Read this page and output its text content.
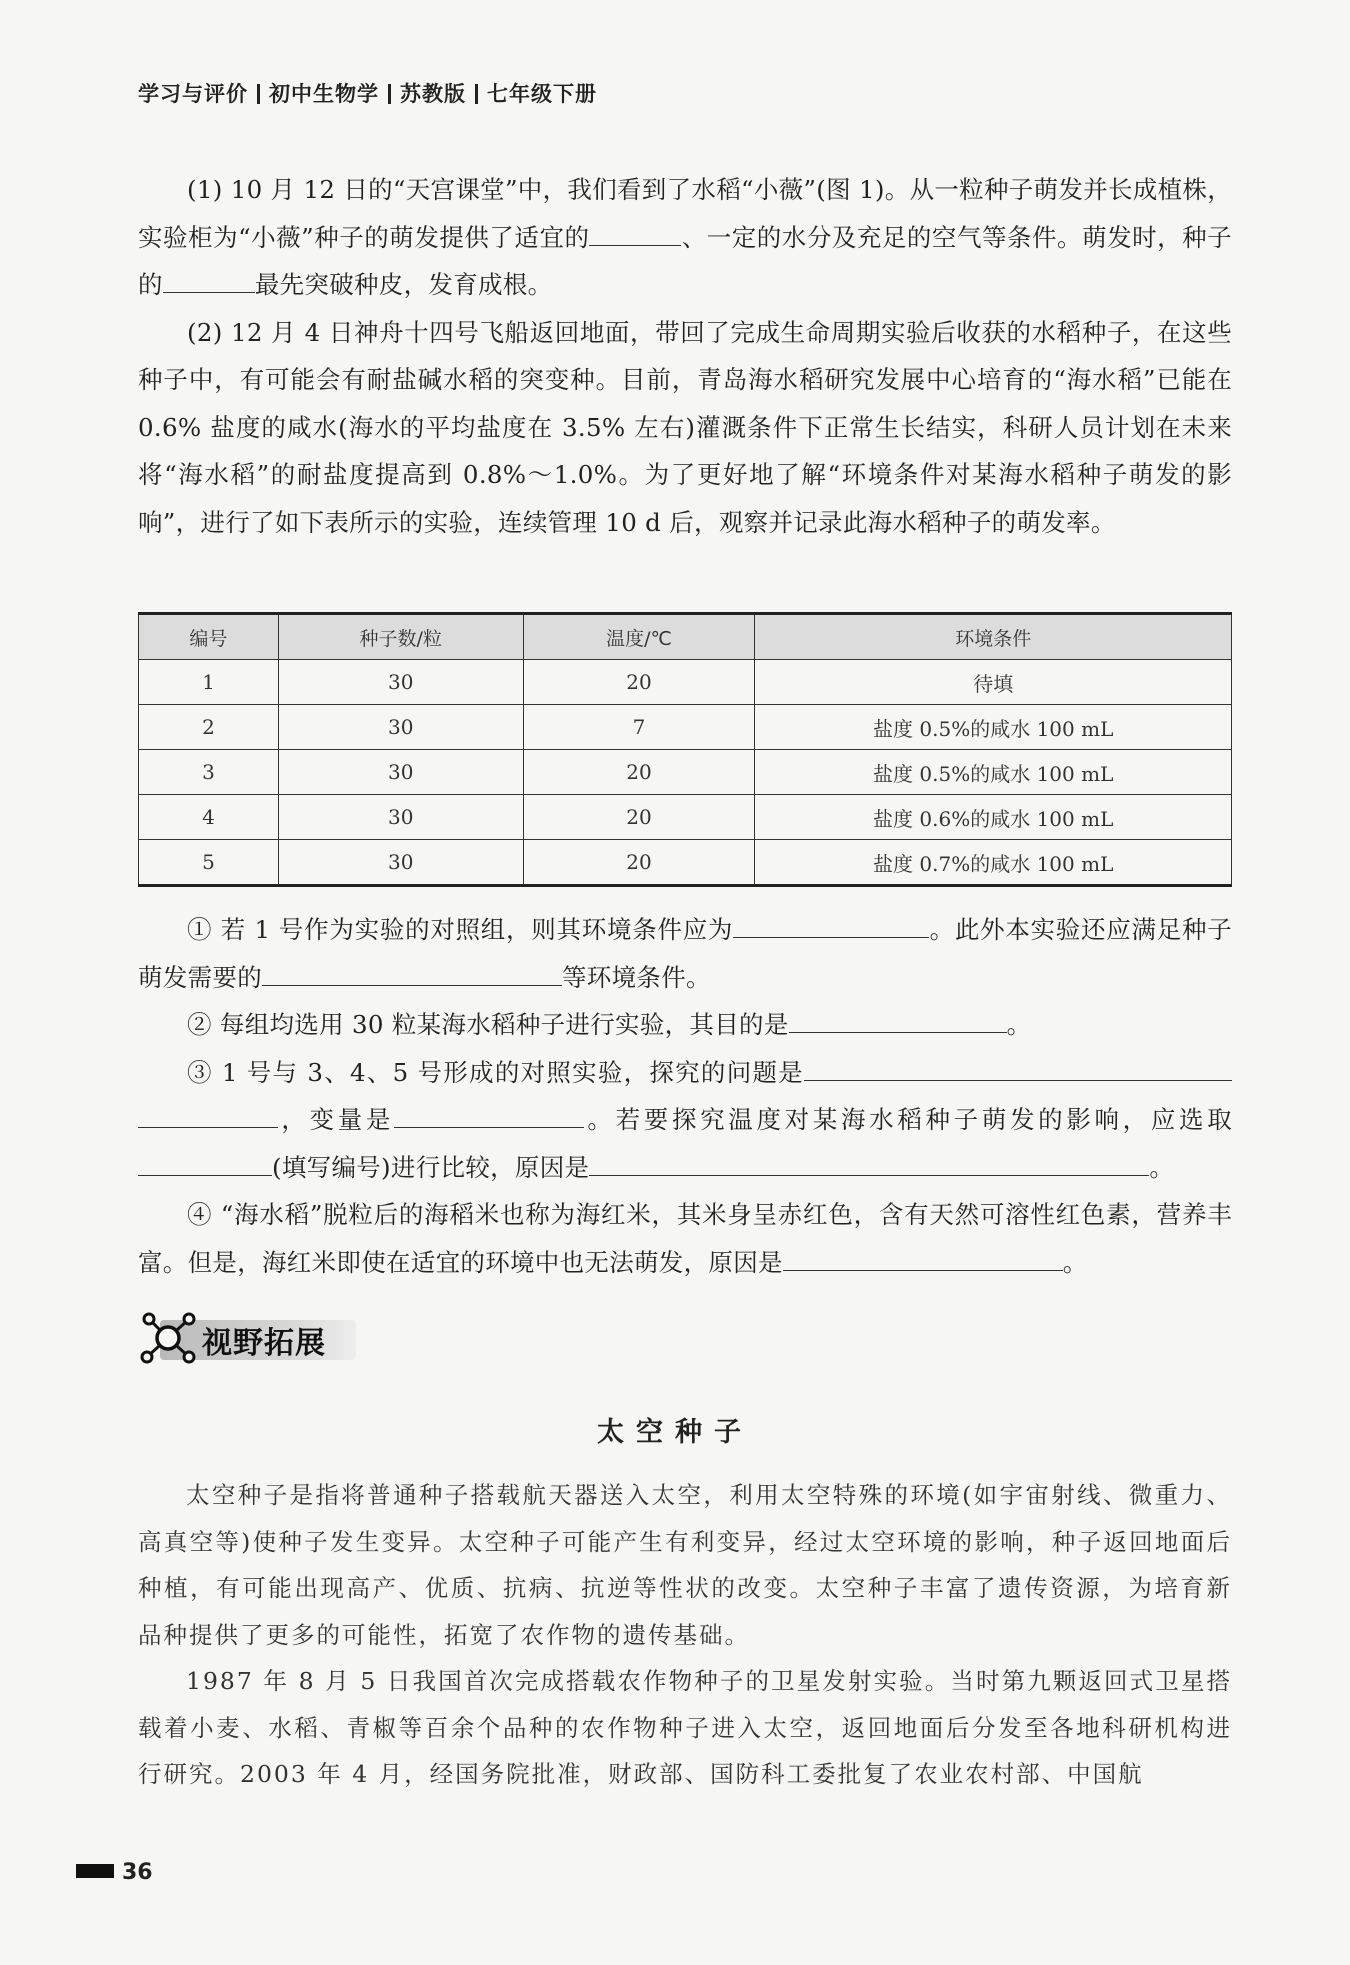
学习与评价 初中生物学 苏教版 七年级下册

(1) 10 月 12 日的“天宫课堂”中，我们看到了水稻“小薇”(图 1)。从一粒种子萌发并长成植株，实验柜为“小薇”种子的萌发提供了适宜的	、一定的水分及充足的空气等条件。萌发时，种子的	最先突破种皮，发育成根。

(2) 12 月 4 日神舟十四号飞船返回地面，带回了完成生命周期实验后收获的水稻种子，在这些种子中，有可能会有耐盐碱水稻的突变种。目前，青岛海水稻研究发展中心培育的“海水稻”已能在 0.6% 盐度的咸水(海水的平均盐度在 3.5% 左右)灌溉条件下正常生长结实，科研人员计划在未来将“海水稻”的耐盐度提高到 0.8%～1.0%。为了更好地了解“环境条件对某海水稻种子萌发的影响”，进行了如下表所示的实验，连续管理 10 d 后，观察并记录此海水稻种子的萌发率。

编号	种子数/粒	温度/℃	环境条件
1	30	20	待填
2	30	7	盐度 0.5%的咸水 100 mL
3	30	20	盐度 0.5%的咸水 100 mL
4	30	20	盐度 0.6%的咸水 100 mL
5	30	20	盐度 0.7%的咸水 100 mL

① 若 1 号作为实验的对照组，则其环境条件应为	。此外本实验还应满足种子萌发需要的	等环境条件。

② 每组均选用 30 粒某海水稻种子进行实验，其目的是	。

③ 1 号与 3、4、5 号形成的对照实验，探究的问题是，变量是	。若要探究温度对某海水稻种子萌发的影响，应选取(填写编号)进行比较，原因是	。

④ “海水稻”脱粒后的海稻米也称为海红米，其米身呈赤红色，含有天然可溶性红色素，营养丰富。但是，海红米即使在适宜的环境中也无法萌发，原因是	。

视野拓展
太空种子

太空种子是指将普通种子搭载航天器送入太空，利用太空特殊的环境(如宇宙射线、微重力、高真空等)使种子发生变异。太空种子可能产生有利变异，经过太空环境的影响，种子返回地面后种植，有可能出现高产、优质、抗病、抗逆等性状的改变。太空种子丰富了遗传资源，为培育新品种提供了更多的可能性，拓宽了农作物的遗传基础。

1987 年 8 月 5 日我国首次完成搭载农作物种子的卫星发射实验。当时第九颗返回式卫星搭载着小麦、水稻、青椒等百余个品种的农作物种子进入太空，返回地面后分发至各地科研机构进行研究。2003 年 4 月，经国务院批准，财政部、国防科工委批复了农业农村部、中国航

36
